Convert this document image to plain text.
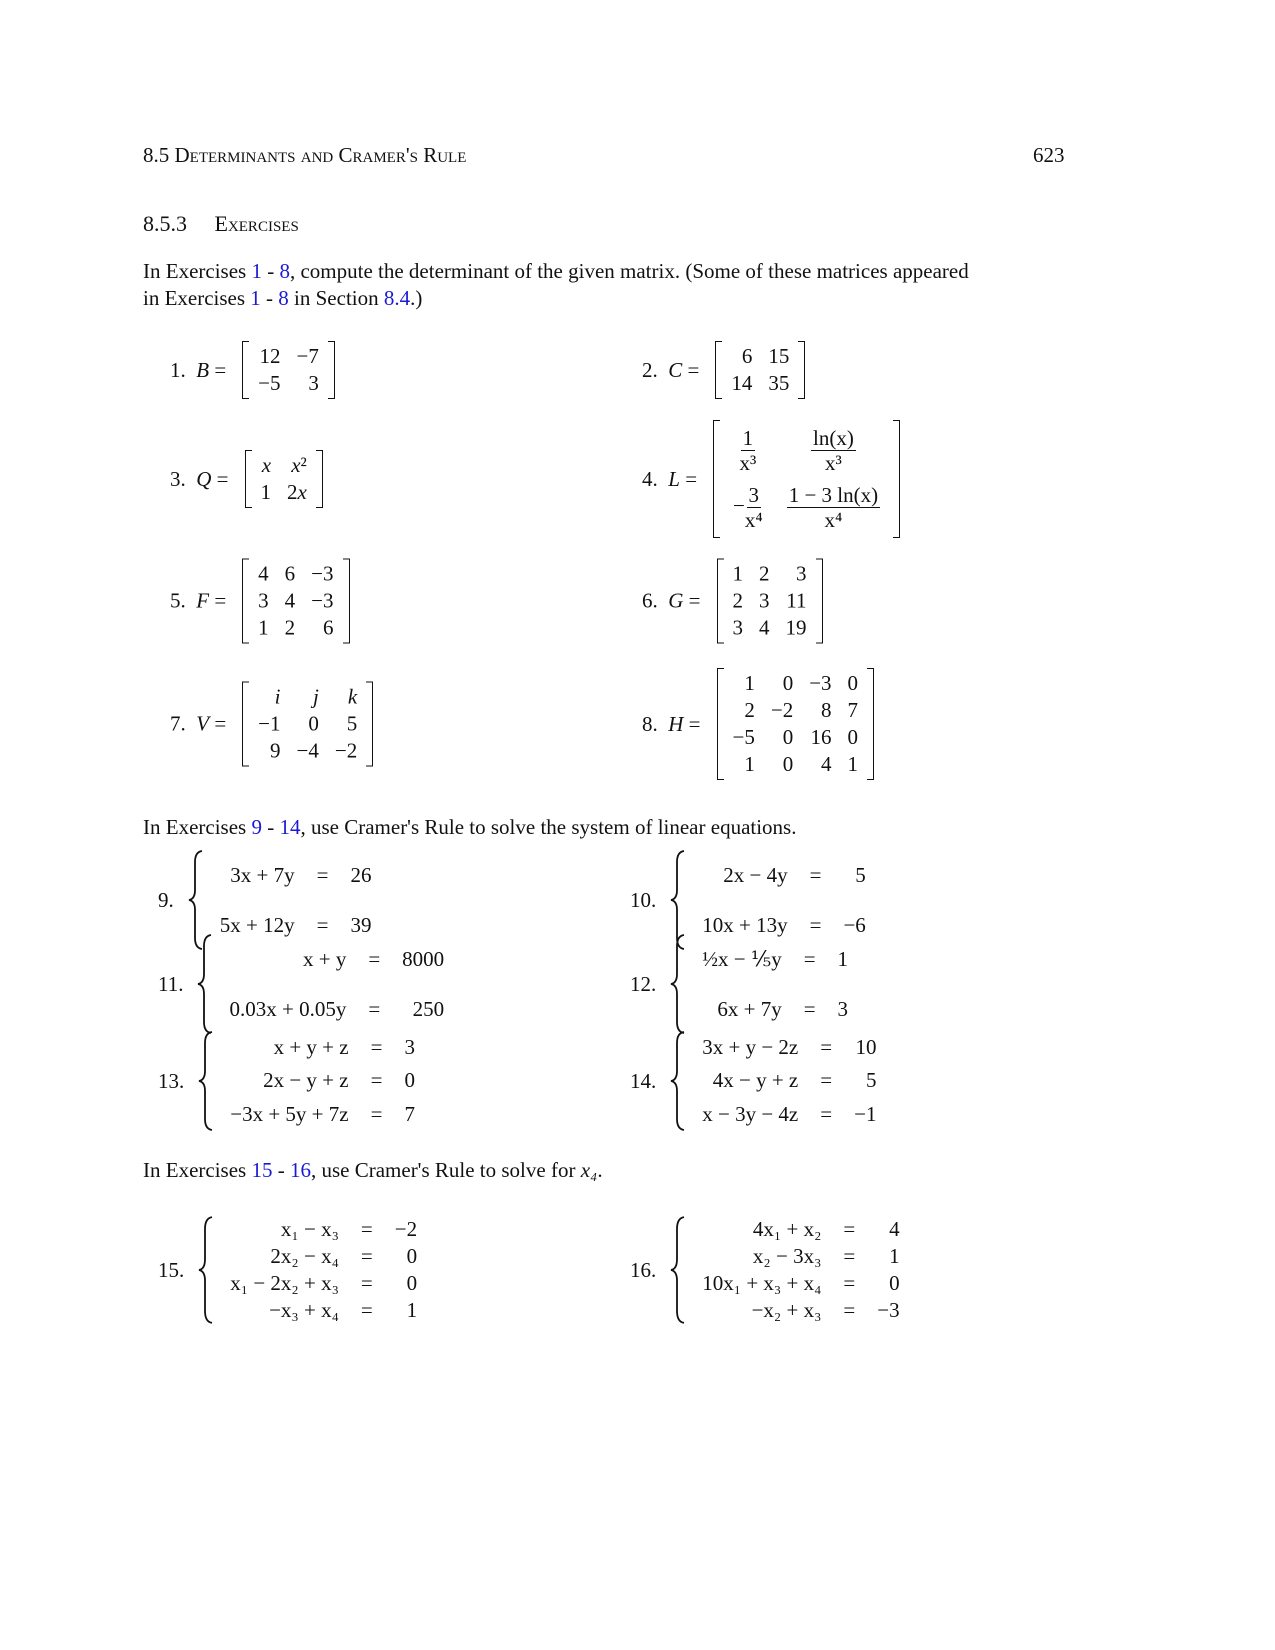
8.5 Determinants and Cramer's Rule	623
8.5.3 Exercises
In Exercises 1 - 8, compute the determinant of the given matrix. (Some of these matrices appeared
in Exercises 1 - 8 in Section 8.4.)
In Exercises 9 - 14, use Cramer's Rule to solve the system of linear equations.
In Exercises 15 - 16, use Cramer's Rule to solve for x₄.
1. B =
12	−7
−5	3
2. C =
6	15
14	35
3. Q =
x	x²
1	2x
4. L =
$\frac{1}{\text{x³}}$	$\frac{\ln(x)}{\text{x³}}$

− $\frac{3}{\text{x⁴}}$	$\frac{1 - 3 \ln(x)}{\text{x⁴}}$
5. F =
4	6	−3
3	4	−3
1	2	6
6. G =
1	2	3
2	3	11
3	4	19
7. V =
i	j	k
−1	0	5
9	−4	−2
8. H =
1	0	−3	0
2	−2	8	7
−5	0	16	0
1	0	4	1
9.
3x + 7y	=	26
5x + 12y	=	39
10.
2x − 4y	=	5
10x + 13y	=	−6
11.
x + y	=	8000
0.03x + 0.05y	=	250
12.
½x − ⅕y	=	1
6x + 7y	=	3
13.
x + y + z	=	3
2x − y + z	=	0
−3x + 5y + 7z	=	7
14.
3x + y − 2z	=	10
4x − y + z	=	5
x − 3y − 4z	=	−1
15.
x₁ − x₃	=	−2
2x₂ − x₄	=	0
x₁ − 2x₂ + x₃	=	0
−x₃ + x₄	=	1
16.
4x₁ + x₂	=	4
x₂ − 3x₃	=	1
10x₁ + x₃ + x₄	=	0
−x₂ + x₃	=	−3
